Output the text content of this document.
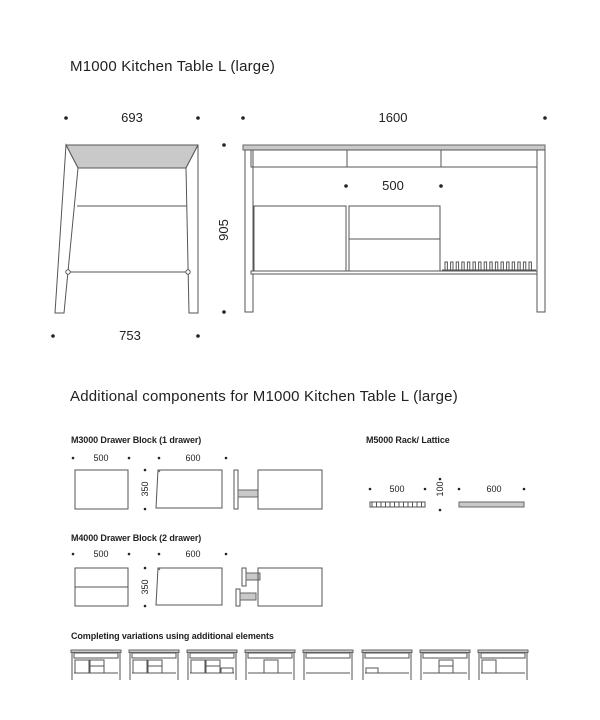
M1000 Kitchen Table L (large)
Additional components for M1000 Kitchen Table L (large)
M3000 Drawer Block (1 drawer)	M5000 Rack/ Lattice
M4000 Drawer Block (2 drawer)
Completing variations using additional elements
693
753
1600
905
500
500	600
350	500	100	600
500	600
350
